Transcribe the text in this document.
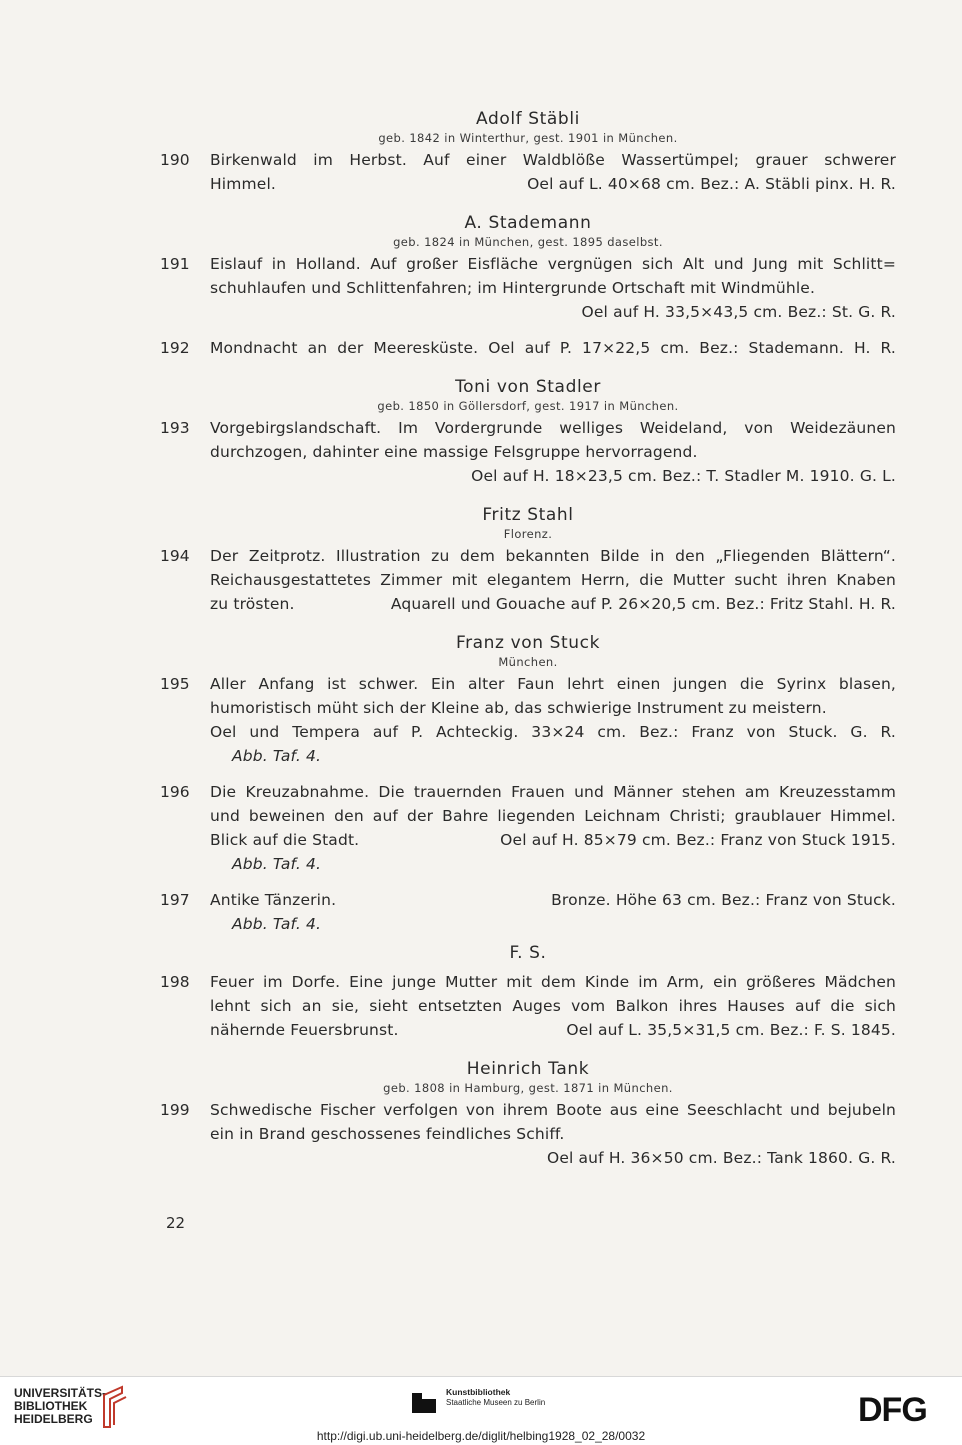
Adolf Stäbli

geb. 1842 in Winterthur, gest. 1901 in München.

190	Birkenwald im Herbst. Auf einer Waldblöße Wassertümpel; grauer schwerer
Himmel.	Oel auf L. 40×68 cm. Bez.: A. Stäbli pinx. H. R.
A. Stademann

geb. 1824 in München, gest. 1895 daselbst.

191	Eislauf in Holland. Auf großer Eisfläche vergnügen sich Alt und Jung mit Schlitt=
schuhlaufen und Schlittenfahren; im Hintergrunde Ortschaft mit Windmühle.
Oel auf H. 33,5×43,5 cm. Bez.: St. G. R.
192	Mondnacht an der Meeresküste. Oel auf P. 17×22,5 cm. Bez.: Stademann. H. R.
Toni von Stadler

geb. 1850 in Göllersdorf, gest. 1917 in München.

193	Vorgebirgslandschaft. Im Vordergrunde welliges Weideland, von Weidezäunen
durchzogen, dahinter eine massige Felsgruppe hervorragend.
Oel auf H. 18×23,5 cm. Bez.: T. Stadler M. 1910. G. L.
Fritz Stahl

Florenz.

194	Der Zeitprotz. Illustration zu dem bekannten Bilde in den „Fliegenden Blättern“.
Reichausgestattetes Zimmer mit elegantem Herrn, die Mutter sucht ihren Knaben
zu trösten.	Aquarell und Gouache auf P. 26×20,5 cm. Bez.: Fritz Stahl. H. R.
Franz von Stuck

München.

195	Aller Anfang ist schwer. Ein alter Faun lehrt einen jungen die Syrinx blasen,
humoristisch müht sich der Kleine ab, das schwierige Instrument zu meistern.
Oel und Tempera auf P. Achteckig. 33×24 cm. Bez.: Franz von Stuck. G. R.
Abb. Taf. 4.
196	Die Kreuzabnahme. Die trauernden Frauen und Männer stehen am Kreuzesstamm
und beweinen den auf der Bahre liegenden Leichnam Christi; graublauer Himmel.
Blick auf die Stadt.	Oel auf H. 85×79 cm. Bez.: Franz von Stuck 1915.
Abb. Taf. 4.
197	Antike Tänzerin.	Bronze. Höhe 63 cm. Bez.: Franz von Stuck.
Abb. Taf. 4.
F. S.
198	Feuer im Dorfe. Eine junge Mutter mit dem Kinde im Arm, ein größeres Mädchen
lehnt sich an sie, sieht entsetzten Auges vom Balkon ihres Hauses auf die sich
nähernde Feuersbrunst.	Oel auf L. 35,5×31,5 cm. Bez.: F. S. 1845.
Heinrich Tank

geb. 1808 in Hamburg, gest. 1871 in München.

199	Schwedische Fischer verfolgen von ihrem Boote aus eine Seeschlacht und bejubeln
ein in Brand geschossenes feindliches Schiff.
Oel auf H. 36×50 cm. Bez.: Tank 1860. G. R.
22
UNIVERSITÄTS-
BIBLIOTHEK
HEIDELBERG
Kunstbibliothek
Staatliche Museen zu Berlin	DFG
http://digi.ub.uni-heidelberg.de/diglit/helbing1928_02_28/0032
